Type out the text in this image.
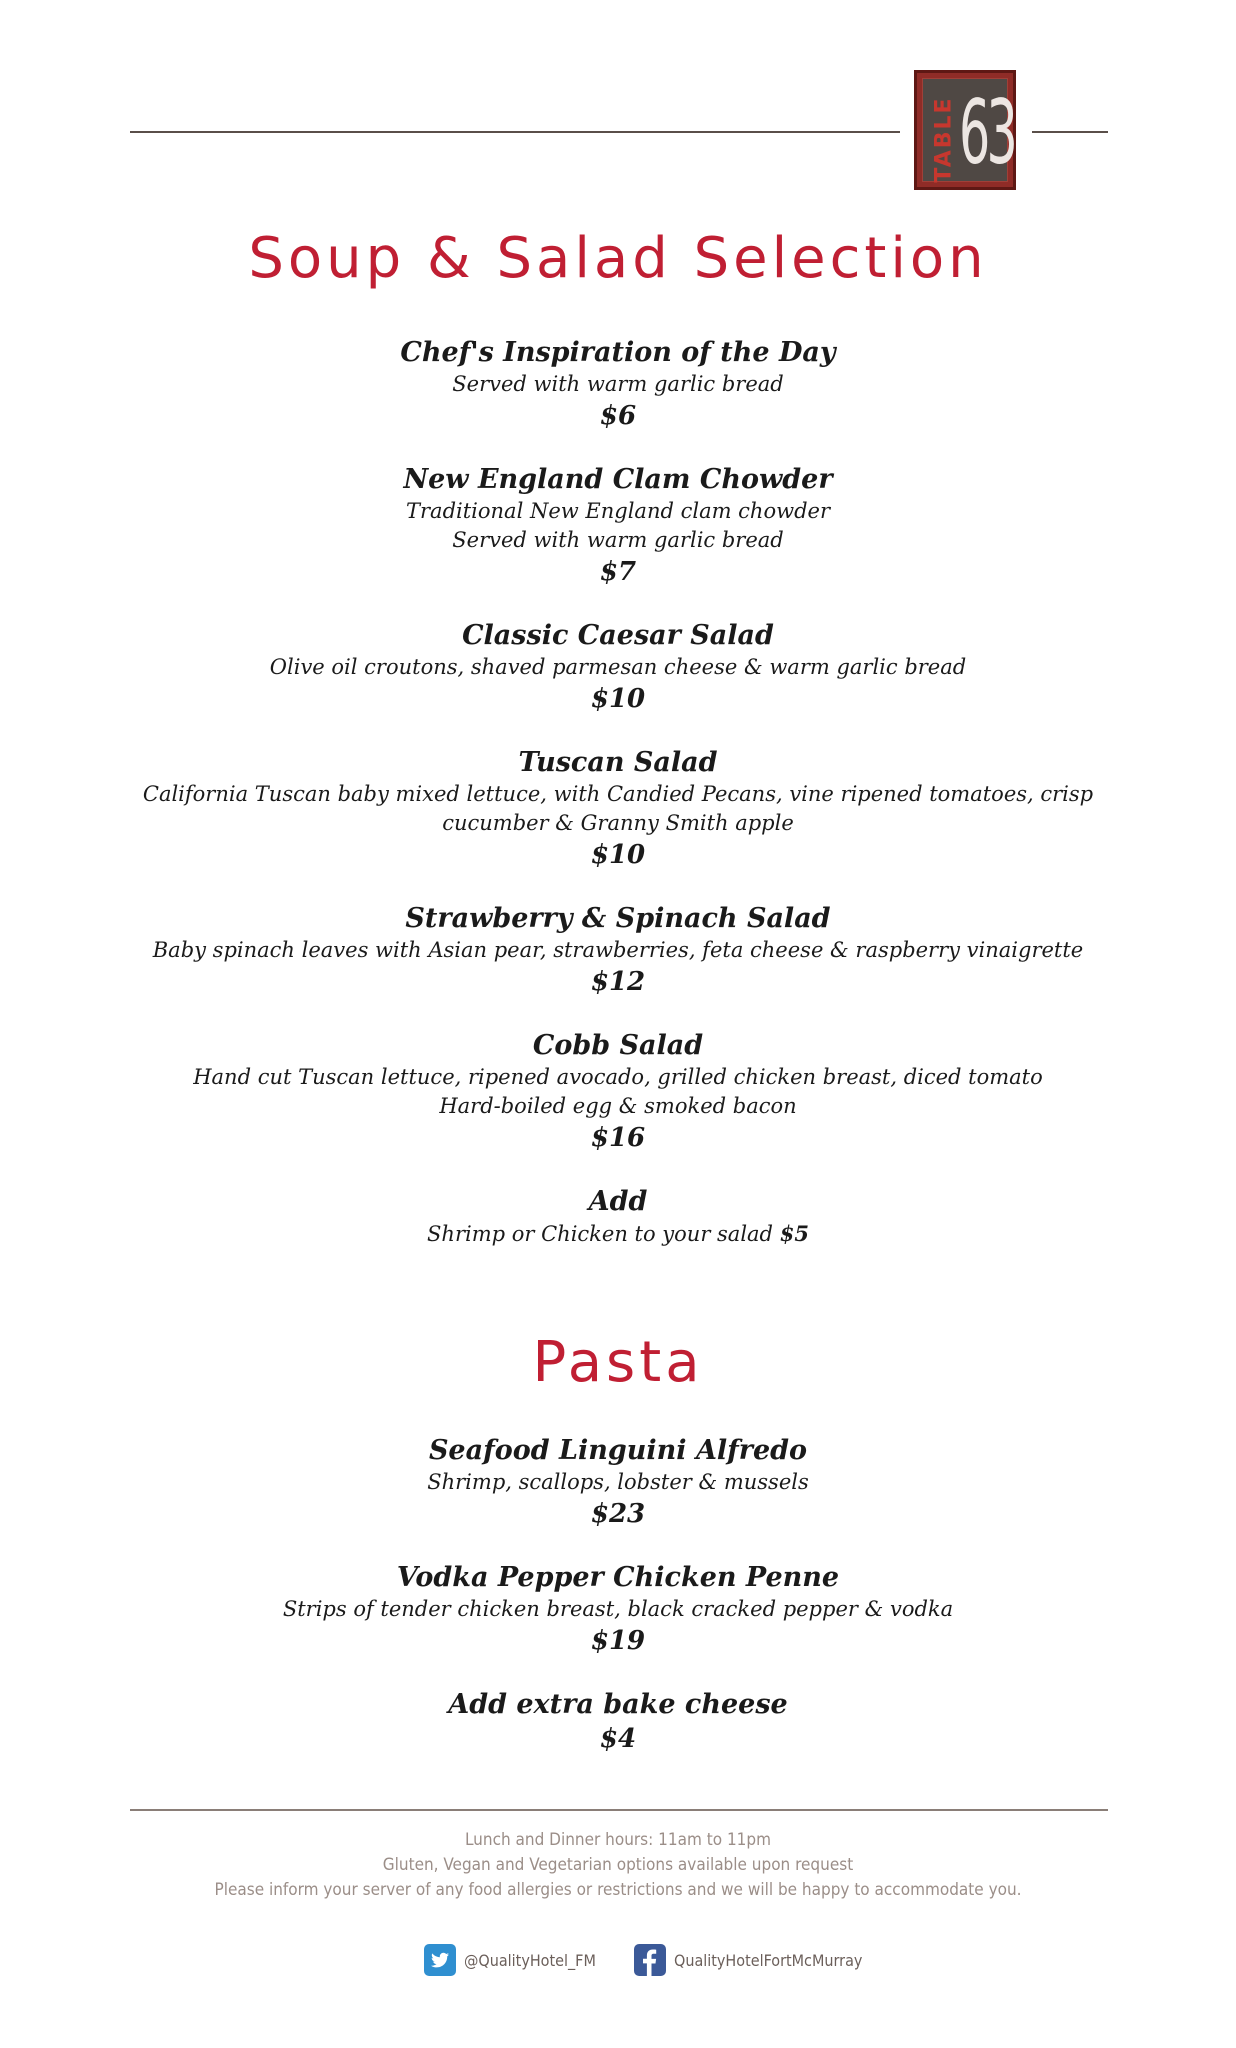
TABLE 63
Soup & Salad Selection
Chef's Inspiration of the Day
Served with warm garlic bread
$6
New England Clam Chowder
Traditional New England clam chowder
Served with warm garlic bread
$7
Classic Caesar Salad
Olive oil croutons, shaved parmesan cheese & warm garlic bread
$10
Tuscan Salad
California Tuscan baby mixed lettuce, with Candied Pecans, vine ripened tomatoes, crisp
cucumber & Granny Smith apple
$10
Strawberry & Spinach Salad
Baby spinach leaves with Asian pear, strawberries, feta cheese & raspberry vinaigrette
$12
Cobb Salad
Hand cut Tuscan lettuce, ripened avocado, grilled chicken breast, diced tomato
Hard-boiled egg & smoked bacon
$16
Add
Shrimp or Chicken to your salad $5
Pasta
Seafood Linguini Alfredo
Shrimp, scallops, lobster & mussels
$23
Vodka Pepper Chicken Penne
Strips of tender chicken breast, black cracked pepper & vodka
$19
Add extra bake cheese
$4
Lunch and Dinner hours: 11am to 11pm
Gluten, Vegan and Vegetarian options available upon request
Please inform your server of any food allergies or restrictions and we will be happy to accommodate you.
@QualityHotel_FM	QualityHotelFortMcMurray
